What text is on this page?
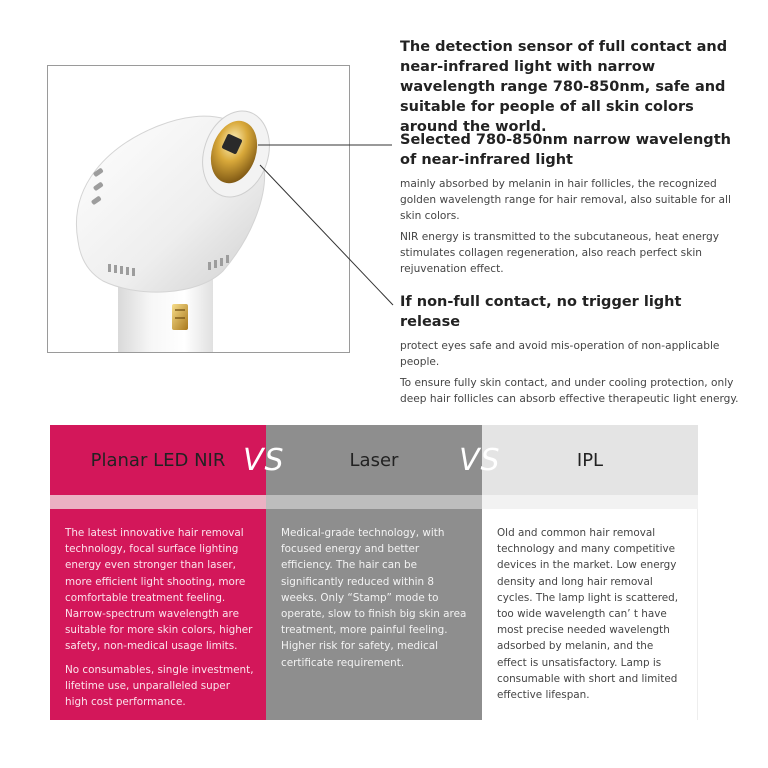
The detection sensor of full contact and near-infrared light with narrow wavelength range 780-850nm, safe and suitable for people of all skin colors around the world.
Selected 780-850nm narrow wavelength of near-infrared light

mainly absorbed by melanin in hair follicles, the recognized golden wavelength range for hair removal, also suitable for all skin colors.

NIR energy is transmitted to the subcutaneous, heat energy stimulates collagen regeneration, also reach perfect skin rejuvenation effect.

If non-full contact, no trigger light release

protect eyes safe and avoid mis-operation of non-applicable people.

To ensure fully skin contact, and under cooling protection, only deep hair follicles can absorb effective therapeutic light energy.

Planar LED NIR

The latest innovative hair removal technology, focal surface lighting energy even stronger than laser, more efficient light shooting, more comfortable treatment feeling. Narrow-spectrum wavelength are suitable for more skin colors, higher safety, non-medical usage limits.

No consumables, single investment, lifetime use, unparalleled super high cost performance.

Laser

Medical-grade technology, with focused energy and better efficiency. The hair can be significantly reduced within 8 weeks. Only “Stamp” mode to operate, slow to finish big skin area treatment, more painful feeling. Higher risk for safety, medical certificate requirement.

IPL

Old and common hair removal technology and many competitive devices in the market. Low energy density and long hair removal cycles. The lamp light is scattered, too wide wavelength can’ t have most precise needed wavelength adsorbed by melanin, and the effect is unsatisfactory. Lamp is consumable with short and limited effective lifespan.

VS	VS
